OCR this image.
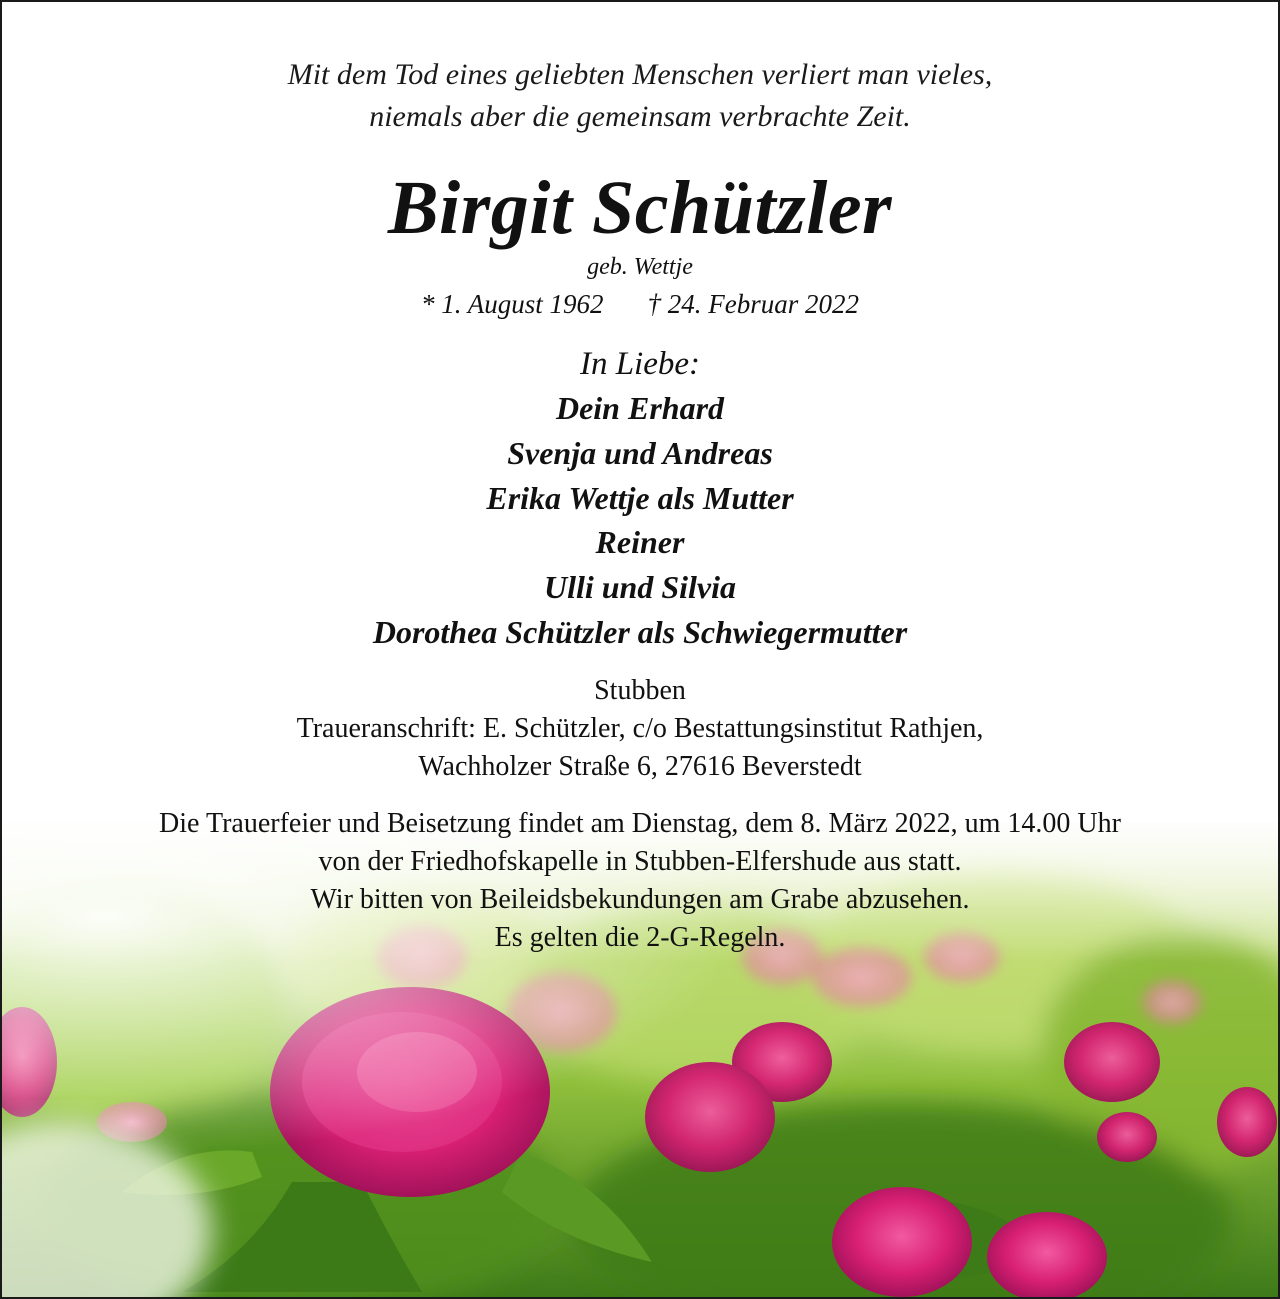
Mit dem Tod eines geliebten Menschen verliert man vieles,
niemals aber die gemeinsam verbrachte Zeit.
Birgit Schützler
geb. Wettje
* 1. August 1962 † 24. Februar 2022
In Liebe:
Dein Erhard
Svenja und Andreas
Erika Wettje als Mutter
Reiner
Ulli und Silvia
Dorothea Schützler als Schwiegermutter
Stubben
Traueranschrift: E. Schützler, c/o Bestattungsinstitut Rathjen,
Wachholzer Straße 6, 27616 Beverstedt
Die Trauerfeier und Beisetzung findet am Dienstag, dem 8. März 2022, um 14.00 Uhr
von der Friedhofskapelle in Stubben-Elfershude aus statt.
Wir bitten von Beileidsbekundungen am Grabe abzusehen.
Es gelten die 2-G-Regeln.
